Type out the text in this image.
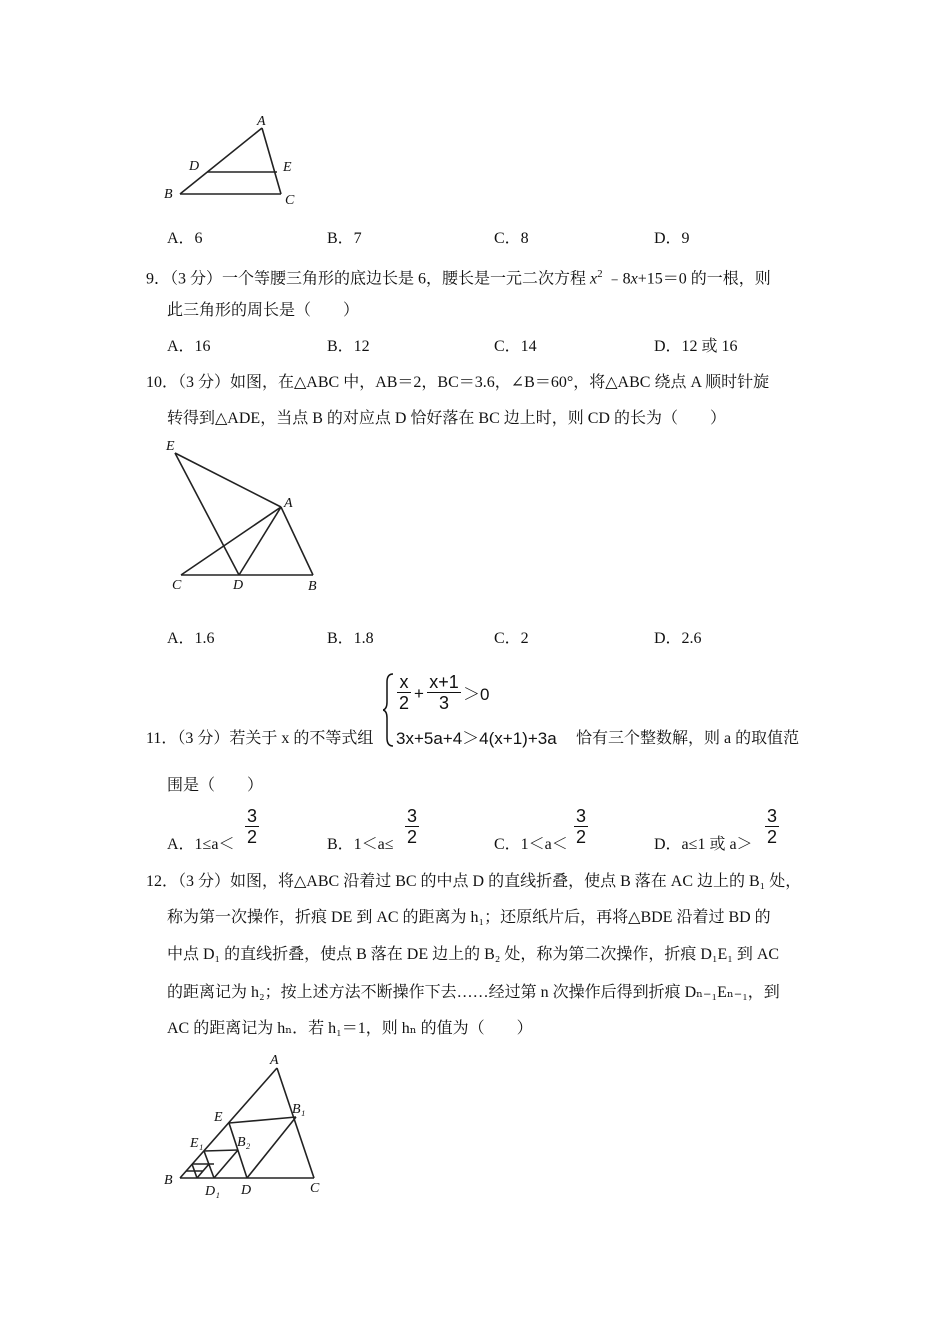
A
D	E
B	C
A．6	B．7	C．8	D．9
9．（3 分）一个等腰三角形的底边长是 6，腰长是一元二次方程 $x^2$ ﹣8x+15＝0 的一根，则
此三角形的周长是（　　）
A．16	B．12	C．14	D．12 或 16
10．（3 分）如图，在△ABC 中，AB＝2，BC＝3.6，∠B＝60°，将△ABC 绕点 A 顺时针旋
转得到△ADE，当点 B 的对应点 D 恰好落在 BC 边上时，则 CD 的长为（　　）
E
A
C	D	B
A．1.6	B．1.8	C．2	D．2.6
11．（3 分）若关于 x 的不等式组
x
2 +
x+1
3 ＞0
3x+5a+4＞4(x+1)+3a 恰有三个整数解，则 a 的取值范
围是（　　）
A．1≤a＜
3
2	B．1＜a≤
3
2	C．1＜a＜
3
2	D．a≤1 或 a＞
3
2
12．（3 分）如图，将△ABC 沿着过 BC 的中点 D 的直线折叠，使点 B 落在 AC 边上的 B₁ 处，
称为第一次操作，折痕 DE 到 AC 的距离为 h₁；还原纸片后，再将△BDE 沿着过 BD 的
中点 D₁ 的直线折叠，使点 B 落在 DE 边上的 B₂ 处，称为第二次操作，折痕 D₁E₁ 到 AC
的距离记为 h₂；按上述方法不断操作下去……经过第 n 次操作后得到折痕 Dₙ₋₁Eₙ₋₁，到
AC 的距离记为 hₙ．若 h₁＝1，则 hₙ 的值为（　　）
A
E
B₁
E₁ B₂
B
D₁ D	C
